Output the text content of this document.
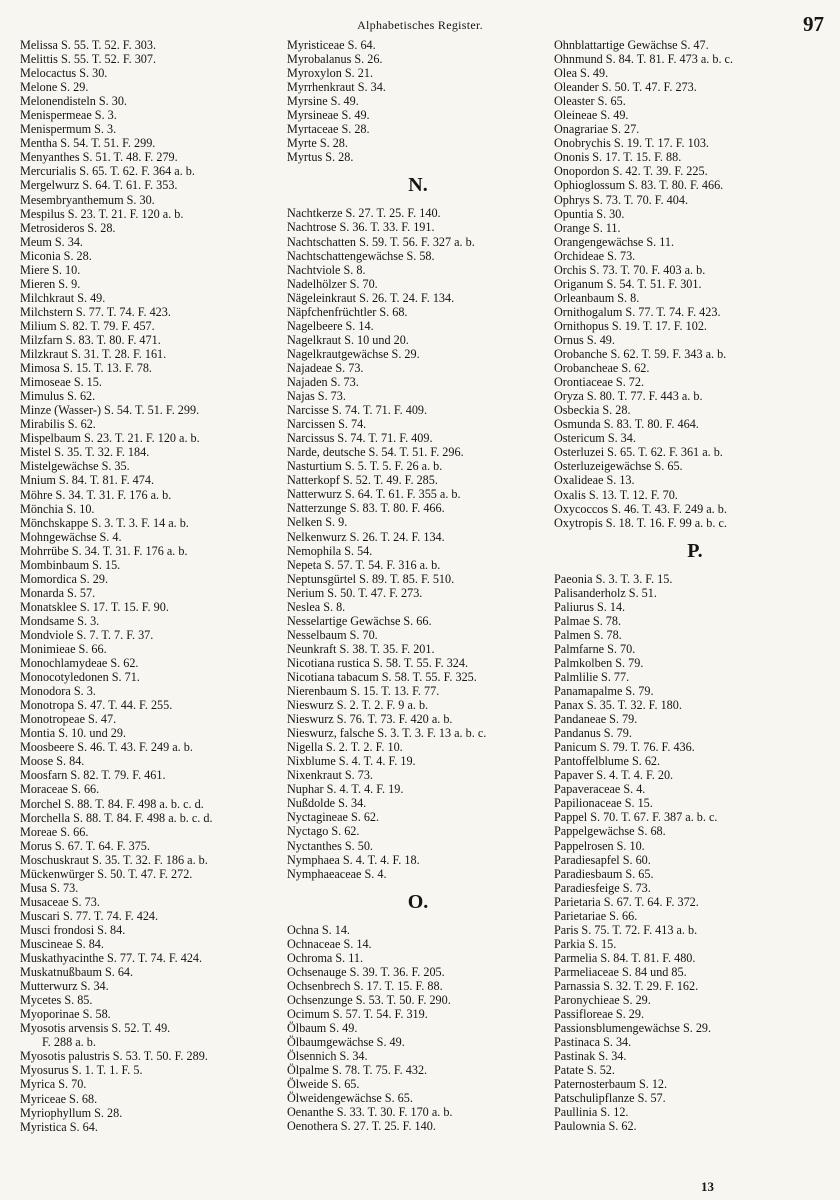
Alphabetisches Register.	97
Melissa S. 55. T. 52. F. 303.
Melittis S. 55. T. 52. F. 307.
Melocactus S. 30.
Melone S. 29.
Melonendisteln S. 30.
Menispermeae S. 3.
Menispermum S. 3.
Mentha S. 54. T. 51. F. 299.
Menyanthes S. 51. T. 48. F. 279.
Mercurialis S. 65. T. 62. F. 364 a. b.
Mergelwurz S. 64. T. 61. F. 353.
Mesembryanthemum S. 30.
Mespilus S. 23. T. 21. F. 120 a. b.
Metrosideros S. 28.
Meum S. 34.
Miconia S. 28.
Miere S. 10.
Mieren S. 9.
Milchkraut S. 49.
Milchstern S. 77. T. 74. F. 423.
Milium S. 82. T. 79. F. 457.
Milzfarn S. 83. T. 80. F. 471.
Milzkraut S. 31. T. 28. F. 161.
Mimosa S. 15. T. 13. F. 78.
Mimoseae S. 15.
Mimulus S. 62.
Minze (Wasser-) S. 54. T. 51. F. 299.
Mirabilis S. 62.
Mispelbaum S. 23. T. 21. F. 120 a. b.
Mistel S. 35. T. 32. F. 184.
Mistelgewächse S. 35.
Mnium S. 84. T. 81. F. 474.
Möhre S. 34. T. 31. F. 176 a. b.
Mönchia S. 10.
Mönchskappe S. 3. T. 3. F. 14 a. b.
Mohngewächse S. 4.
Mohrrübe S. 34. T. 31. F. 176 a. b.
Mombinbaum S. 15.
Momordica S. 29.
Monarda S. 57.
Monatsklee S. 17. T. 15. F. 90.
Mondsame S. 3.
Mondviole S. 7. T. 7. F. 37.
Monimieae S. 66.
Monochlamydeae S. 62.
Monocotyledonen S. 71.
Monodora S. 3.
Monotropa S. 47. T. 44. F. 255.
Monotropeae S. 47.
Montia S. 10. und 29.
Moosbeere S. 46. T. 43. F. 249 a. b.
Moose S. 84.
Moosfarn S. 82. T. 79. F. 461.
Moraceae S. 66.
Morchel S. 88. T. 84. F. 498 a. b. c. d.
Morchella S. 88. T. 84. F. 498 a. b. c. d.
Moreae S. 66.
Morus S. 67. T. 64. F. 375.
Moschuskraut S. 35. T. 32. F. 186 a. b.
Mückenwürger S. 50. T. 47. F. 272.
Musa S. 73.
Musaceae S. 73.
Muscari S. 77. T. 74. F. 424.
Musci frondosi S. 84.
Muscineae S. 84.
Muskathyacinthe S. 77. T. 74. F. 424.
Muskatnußbaum S. 64.
Mutterwurz S. 34.
Mycetes S. 85.
Myoporinae S. 58.
Myosotis arvensis S. 52. T. 49.
F. 288 a. b.
Myosotis palustris S. 53. T. 50. F. 289.
Myosurus S. 1. T. 1. F. 5.
Myrica S. 70.
Myriceae S. 68.
Myriophyllum S. 28.
Myristica S. 64.
Myristiceae S. 64.
Myrobalanus S. 26.
Myroxylon S. 21.
Myrrhenkraut S. 34.
Myrsine S. 49.
Myrsineae S. 49.
Myrtaceae S. 28.
Myrte S. 28.
Myrtus S. 28.
N.
Nachtkerze S. 27. T. 25. F. 140.
Nachtrose S. 36. T. 33. F. 191.
Nachtschatten S. 59. T. 56. F. 327 a. b.
Nachtschattengewächse S. 58.
Nachtviole S. 8.
Nadelhölzer S. 70.
Nägeleinkraut S. 26. T. 24. F. 134.
Näpfchenfrüchtler S. 68.
Nagelbeere S. 14.
Nagelkraut S. 10 und 20.
Nagelkrautgewächse S. 29.
Najadeae S. 73.
Najaden S. 73.
Najas S. 73.
Narcisse S. 74. T. 71. F. 409.
Narcissen S. 74.
Narcissus S. 74. T. 71. F. 409.
Narde, deutsche S. 54. T. 51. F. 296.
Nasturtium S. 5. T. 5. F. 26 a. b.
Natterkopf S. 52. T. 49. F. 285.
Natterwurz S. 64. T. 61. F. 355 a. b.
Natterzunge S. 83. T. 80. F. 466.
Nelken S. 9.
Nelkenwurz S. 26. T. 24. F. 134.
Nemophila S. 54.
Nepeta S. 57. T. 54. F. 316 a. b.
Neptunsgürtel S. 89. T. 85. F. 510.
Nerium S. 50. T. 47. F. 273.
Neslea S. 8.
Nesselartige Gewächse S. 66.
Nesselbaum S. 70.
Neunkraft S. 38. T. 35. F. 201.
Nicotiana rustica S. 58. T. 55. F. 324.
Nicotiana tabacum S. 58. T. 55. F. 325.
Nierenbaum S. 15. T. 13. F. 77.
Nieswurz S. 2. T. 2. F. 9 a. b.
Nieswurz S. 76. T. 73. F. 420 a. b.
Nieswurz, falsche S. 3. T. 3. F. 13 a. b. c.
Nigella S. 2. T. 2. F. 10.
Nixblume S. 4. T. 4. F. 19.
Nixenkraut S. 73.
Nuphar S. 4. T. 4. F. 19.
Nußdolde S. 34.
Nyctagineae S. 62.
Nyctago S. 62.
Nyctanthes S. 50.
Nymphaea S. 4. T. 4. F. 18.
Nymphaeaceae S. 4.
O.
Ochna S. 14.
Ochnaceae S. 14.
Ochroma S. 11.
Ochsenauge S. 39. T. 36. F. 205.
Ochsenbrech S. 17. T. 15. F. 88.
Ochsenzunge S. 53. T. 50. F. 290.
Ocimum S. 57. T. 54. F. 319.
Ölbaum S. 49.
Ölbaumgewächse S. 49.
Ölsennich S. 34.
Ölpalme S. 78. T. 75. F. 432.
Ölweide S. 65.
Ölweidengewächse S. 65.
Oenanthe S. 33. T. 30. F. 170 a. b.
Oenothera S. 27. T. 25. F. 140.
Ohnblattartige Gewächse S. 47.
Ohnmund S. 84. T. 81. F. 473 a. b. c.
Olea S. 49.
Oleander S. 50. T. 47. F. 273.
Oleaster S. 65.
Oleineae S. 49.
Onagrariae S. 27.
Onobrychis S. 19. T. 17. F. 103.
Ononis S. 17. T. 15. F. 88.
Onopordon S. 42. T. 39. F. 225.
Ophioglossum S. 83. T. 80. F. 466.
Ophrys S. 73. T. 70. F. 404.
Opuntia S. 30.
Orange S. 11.
Orangengewächse S. 11.
Orchideae S. 73.
Orchis S. 73. T. 70. F. 403 a. b.
Origanum S. 54. T. 51. F. 301.
Orleanbaum S. 8.
Ornithogalum S. 77. T. 74. F. 423.
Ornithopus S. 19. T. 17. F. 102.
Ornus S. 49.
Orobanche S. 62. T. 59. F. 343 a. b.
Orobancheae S. 62.
Orontiaceae S. 72.
Oryza S. 80. T. 77. F. 443 a. b.
Osbeckia S. 28.
Osmunda S. 83. T. 80. F. 464.
Ostericum S. 34.
Osterluzei S. 65. T. 62. F. 361 a. b.
Osterluzeigewächse S. 65.
Oxalideae S. 13.
Oxalis S. 13. T. 12. F. 70.
Oxycoccos S. 46. T. 43. F. 249 a. b.
Oxytropis S. 18. T. 16. F. 99 a. b. c.
P.
Paeonia S. 3. T. 3. F. 15.
Palisanderholz S. 51.
Paliurus S. 14.
Palmae S. 78.
Palmen S. 78.
Palmfarne S. 70.
Palmkolben S. 79.
Palmlilie S. 77.
Panamapalme S. 79.
Panax S. 35. T. 32. F. 180.
Pandaneae S. 79.
Pandanus S. 79.
Panicum S. 79. T. 76. F. 436.
Pantoffelblume S. 62.
Papaver S. 4. T. 4. F. 20.
Papaveraceae S. 4.
Papilionaceae S. 15.
Pappel S. 70. T. 67. F. 387 a. b. c.
Pappelgewächse S. 68.
Pappelrosen S. 10.
Paradiesapfel S. 60.
Paradiesbaum S. 65.
Paradiesfeige S. 73.
Parietaria S. 67. T. 64. F. 372.
Parietariae S. 66.
Paris S. 75. T. 72. F. 413 a. b.
Parkia S. 15.
Parmelia S. 84. T. 81. F. 480.
Parmeliaceae S. 84 und 85.
Parnassia S. 32. T. 29. F. 162.
Paronychieae S. 29.
Passifloreae S. 29.
Passionsblumengewächse S. 29.
Pastinaca S. 34.
Pastinak S. 34.
Patate S. 52.
Paternosterbaum S. 12.
Patschulipflanze S. 57.
Paullinia S. 12.
Paulownia S. 62.
13
